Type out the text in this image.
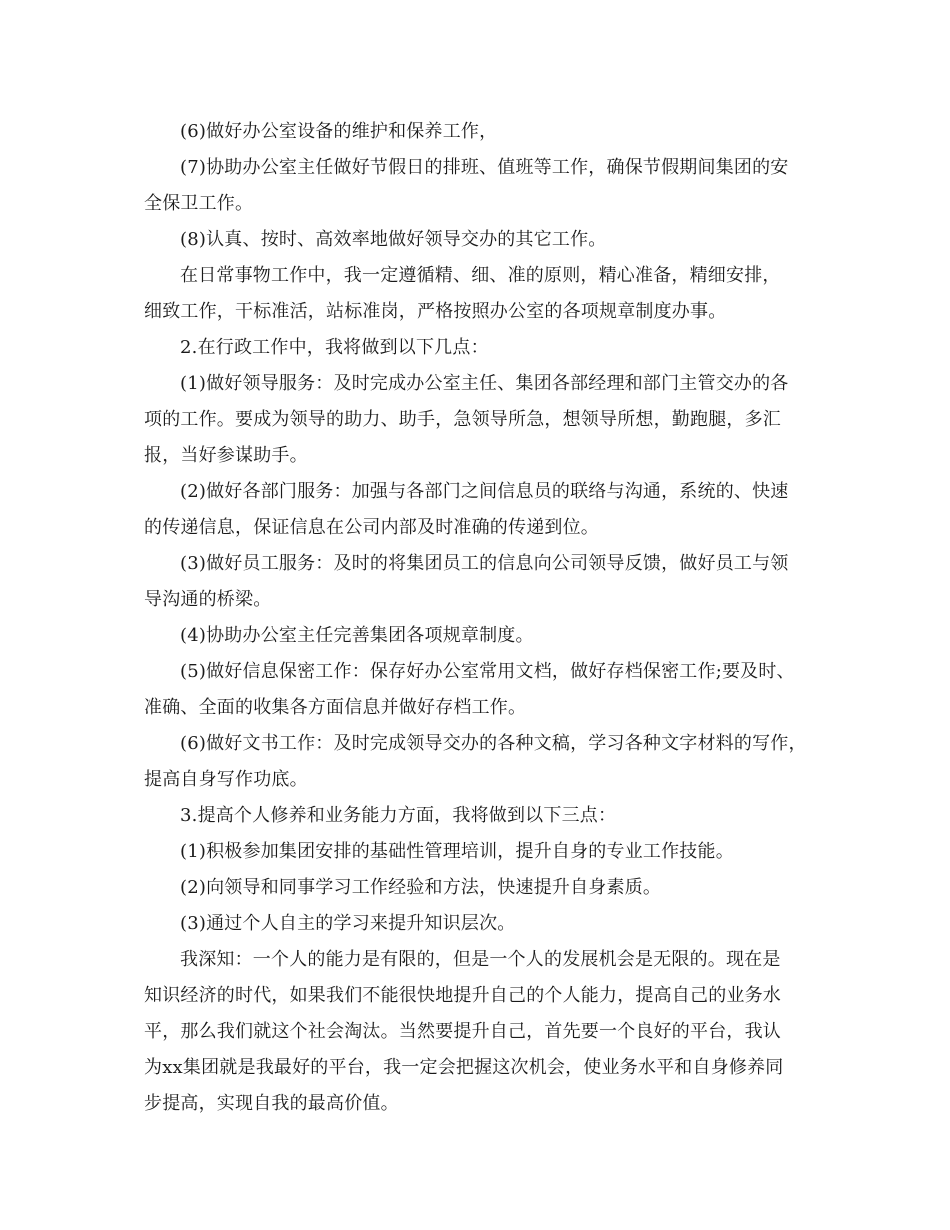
(6)做好办公室设备的维护和保养工作，
(7)协助办公室主任做好节假日的排班、值班等工作，确保节假期间集团的安
全保卫工作。
(8)认真、按时、高效率地做好领导交办的其它工作。
在日常事物工作中，我一定遵循精、细、准的原则，精心准备，精细安排，
细致工作，干标准活，站标准岗，严格按照办公室的各项规章制度办事。
2.在行政工作中，我将做到以下几点：
(1)做好领导服务：及时完成办公室主任、集团各部经理和部门主管交办的各
项的工作。要成为领导的助力、助手，急领导所急，想领导所想，勤跑腿，多汇
报，当好参谋助手。
(2)做好各部门服务：加强与各部门之间信息员的联络与沟通，系统的、快速
的传递信息，保证信息在公司内部及时准确的传递到位。
(3)做好员工服务：及时的将集团员工的信息向公司领导反馈，做好员工与领
导沟通的桥梁。
(4)协助办公室主任完善集团各项规章制度。
(5)做好信息保密工作：保存好办公室常用文档，做好存档保密工作;要及时、
准确、全面的收集各方面信息并做好存档工作。
(6)做好文书工作：及时完成领导交办的各种文稿，学习各种文字材料的写作，
提高自身写作功底。
3.提高个人修养和业务能力方面，我将做到以下三点：
(1)积极参加集团安排的基础性管理培训，提升自身的专业工作技能。
(2)向领导和同事学习工作经验和方法，快速提升自身素质。
(3)通过个人自主的学习来提升知识层次。
我深知：一个人的能力是有限的，但是一个人的发展机会是无限的。现在是
知识经济的时代，如果我们不能很快地提升自己的个人能力，提高自己的业务水
平，那么我们就这个社会淘汰。当然要提升自己，首先要一个良好的平台，我认
为xx集团就是我最好的平台，我一定会把握这次机会，使业务水平和自身修养同
步提高，实现自我的最高价值。
